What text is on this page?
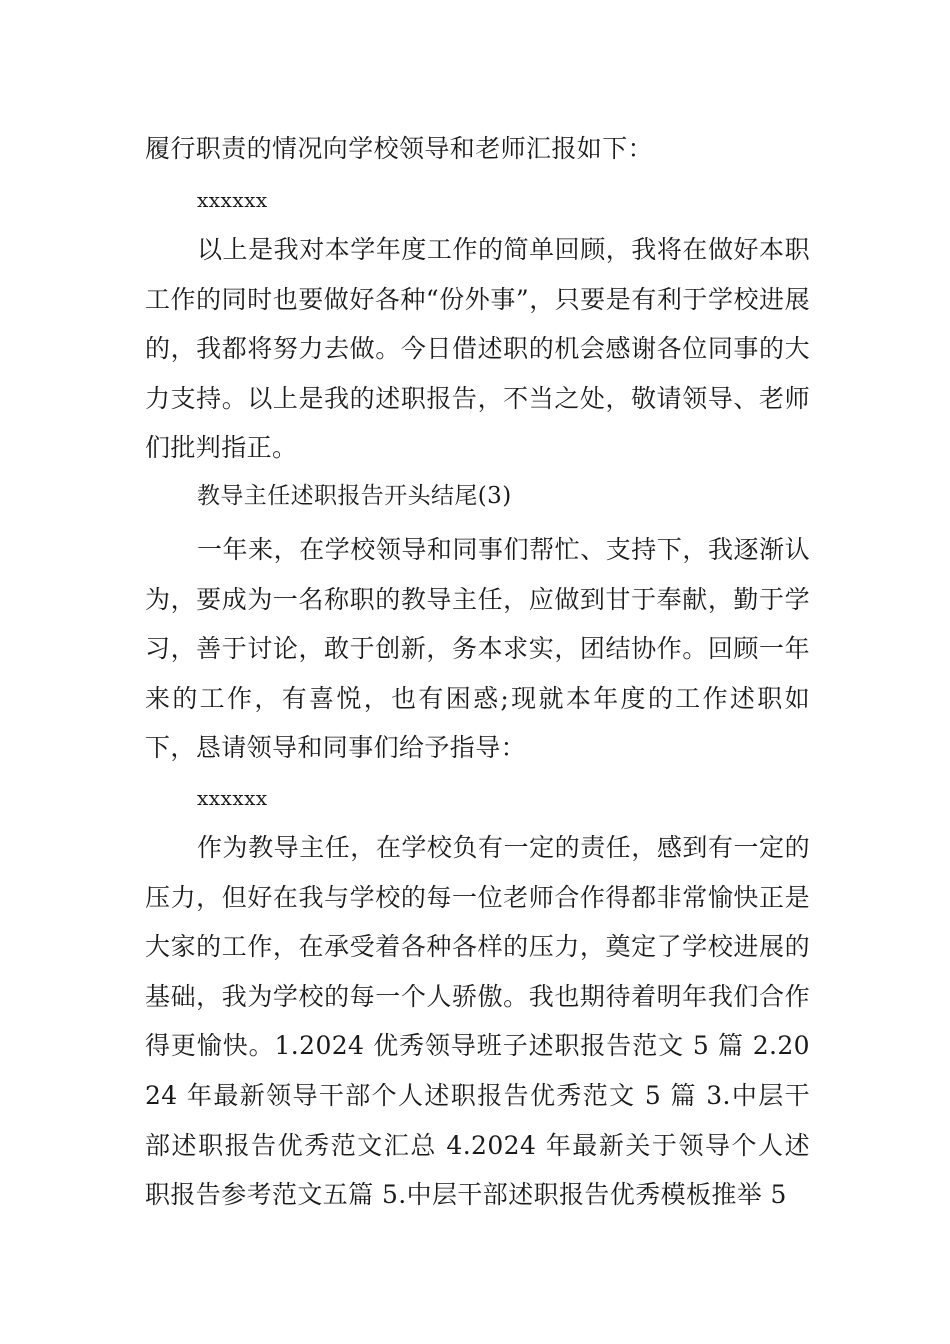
履行职责的情况向学校领导和老师汇报如下：

xxxxxx

以上是我对本学年度工作的简单回顾，我将在做好本职工作的同时也要做好各种“份外事”，只要是有利于学校进展的，我都将努力去做。今日借述职的机会感谢各位同事的大力支持。以上是我的述职报告，不当之处，敬请领导、老师们批判指正。

教导主任述职报告开头结尾(3)

一年来，在学校领导和同事们帮忙、支持下，我逐渐认为，要成为一名称职的教导主任，应做到甘于奉献，勤于学习，善于讨论，敢于创新，务本求实，团结协作。回顾一年来的工作，有喜悦，也有困惑;现就本年度的工作述职如下，恳请领导和同事们给予指导：

xxxxxx

作为教导主任，在学校负有一定的责任，感到有一定的压力，但好在我与学校的每一位老师合作得都非常愉快正是大家的工作，在承受着各种各样的压力，奠定了学校进展的基础，我为学校的每一个人骄傲。我也期待着明年我们合作得更愉快。1.2024 优秀领导班子述职报告范文 5 篇 2.2024 年最新领导干部个人述职报告优秀范文 5 篇 3.中层干部述职报告优秀范文汇总 4.2024 年最新关于领导个人述职报告参考范文五篇 5.中层干部述职报告优秀模板推举 5
